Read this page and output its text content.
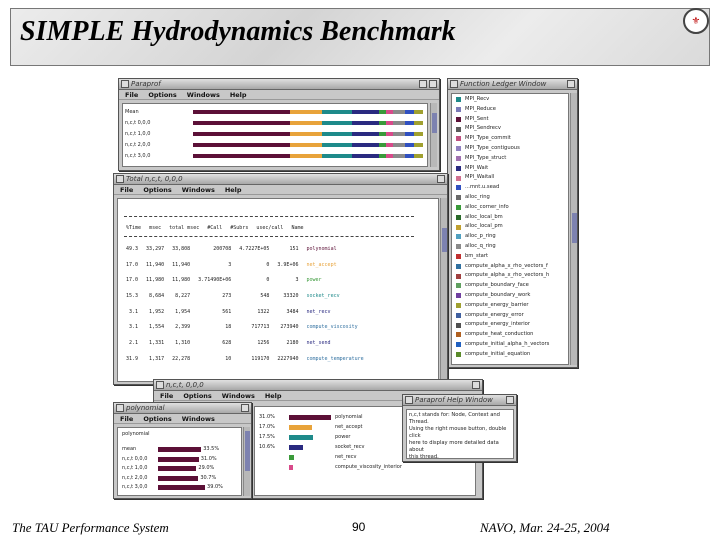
SIMPLE Hydrodynamics Benchmark	⚜
Paraprof
File Options Windows Help
Mean
n,c,t 0,0,0
n,c,t 1,0,0
n,c,t 2,0,0
n,c,t 3,0,0
Function Ledger Window
MPI_Recv
MPI_Reduce
MPI_Sent
MPI_Sendrecv
MPI_Type_commit
MPI_Type_contiguous
MPI_Type_struct
MPI_Wait
MPI_Waitall
...mnt.u.sead
alloc_ring
alloc_corner_info
alloc_local_bm
alloc_local_pm
alloc_p_ring
alloc_q_ring
bm_start
compute_alpha_x_rho_vectors_f
compute_alpha_x_rho_vectors_h
compute_boundary_face
compute_boundary_work
compute_energy_barrier
compute_energy_error
compute_energy_interior
compute_heat_conduction
compute_initial_alpha_h_vectors
compute_initial_equation
Total n,c,t, 0,0,0
File Options Windows Help
%Time	msec	total msec	#Call	#Subrs	usec/call	Name
49.3	33,297	33,808	200708	4.7227E+05	151	polynomial
17.0	11,940	11,940	3	0	3.9E+06	net_accept
17.0	11,980	11,980	3.71490E+06	0	3	power
15.3	8,684	8,227	273	548	33320	socket_recv
3.1	1,952	1,954	561	1322	3484	net_recv
3.1	1,554	2,399	18	717713	273940	compute_viscosity
2.1	1,331	1,310	628	1256	2180	net_send
31.9	1,317	22,278	10	119170	2227940	compute_temperature
n,c,t, 0,0,0
File Options Windows Help
31.0%	polynomial
17.0%	net_accept
17.5%	power
10.6%	socket_recv
net_recv
compute_viscosity_interior
polynomial
File Options Windows
polynomial
mean	33.5%
n,c,t 0,0,0	31.0%
n,c,t 1,0,0	29.0%
n,c,t 2,0,0	30.7%
n,c,t 3,0,0	39.0%
Paraprof Help Window
n,c,t stands for: Node, Context and Thread.
Using the right mouse button, double click
here to display more detailed data about
this thread.
The TAU Performance System	90	NAVO, Mar. 24-25, 2004
